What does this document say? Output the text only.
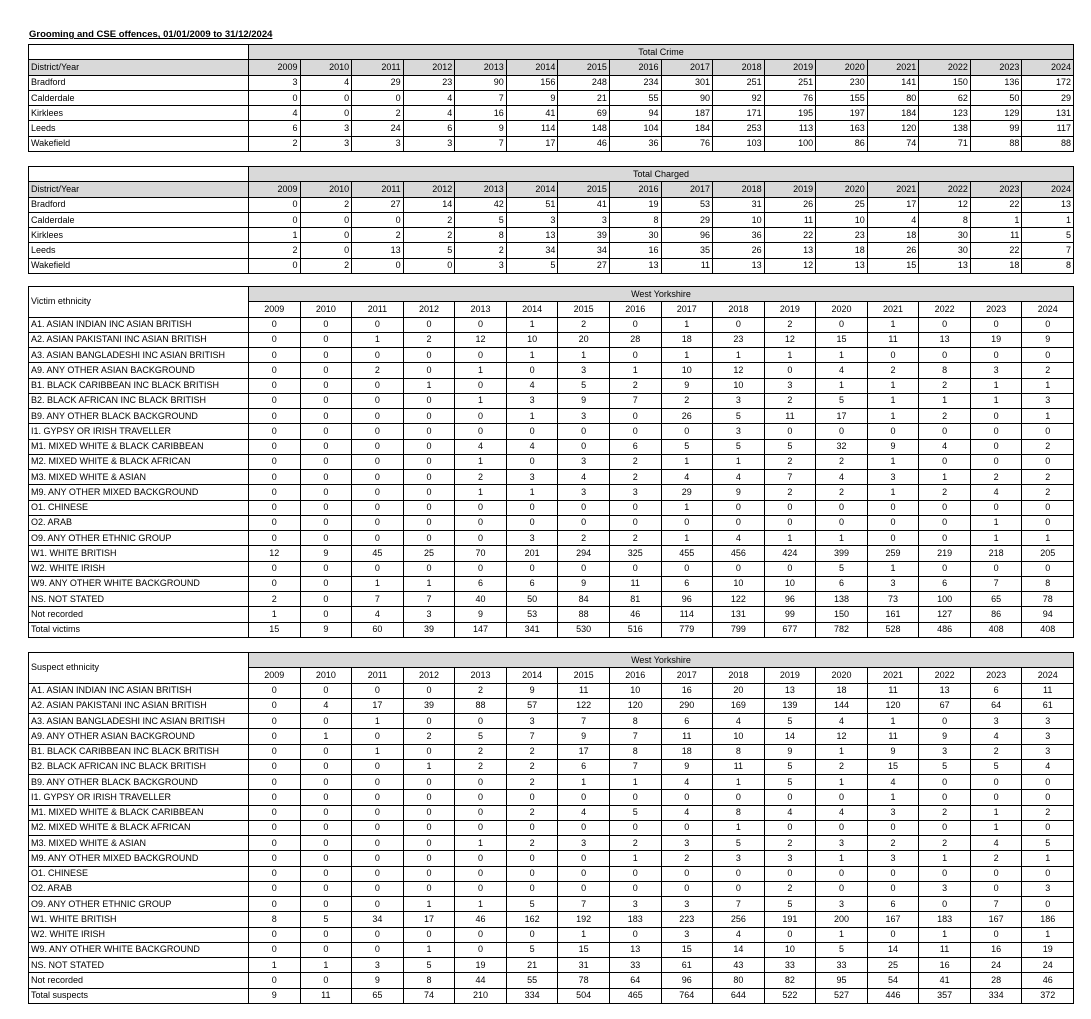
Grooming and CSE offences, 01/01/2009 to 31/12/2024
	Total Crime															
District/Year	2009	2010	2011	2012	2013	2014	2015	2016	2017	2018	2019	2020	2021	2022	2023	2024
Bradford	3	4	29	23	90	156	248	234	301	251	251	230	141	150	136	172
Calderdale	0	0	0	4	7	9	21	55	90	92	76	155	80	62	50	29
Kirklees	4	0	2	4	16	41	69	94	187	171	195	197	184	123	129	131
Leeds	6	3	24	6	9	114	148	104	184	253	113	163	120	138	99	117
Wakefield	2	3	3	3	7	17	46	36	76	103	100	86	74	71	88	88
	Total Charged															
District/Year	2009	2010	2011	2012	2013	2014	2015	2016	2017	2018	2019	2020	2021	2022	2023	2024
Bradford	0	2	27	14	42	51	41	19	53	31	26	25	17	12	22	13
Calderdale	0	0	0	2	5	3	3	8	29	10	11	10	4	8	1	1
Kirklees	1	0	2	2	8	13	39	30	96	36	22	23	18	30	11	5
Leeds	2	0	13	5	2	34	34	16	35	26	13	18	26	30	22	7
Wakefield	0	2	0	0	3	5	27	13	11	13	12	13	15	13	18	8
Victim ethnicity	West Yorkshire															
	2009	2010	2011	2012	2013	2014	2015	2016	2017	2018	2019	2020	2021	2022	2023	2024
A1. ASIAN INDIAN INC ASIAN BRITISH	0	0	0	0	0	1	2	0	1	0	2	0	1	0	0	0
A2. ASIAN PAKISTANI INC ASIAN BRITISH	0	0	1	2	12	10	20	28	18	23	12	15	11	13	19	9
A3. ASIAN BANGLADESHI INC ASIAN BRITISH	0	0	0	0	0	1	1	0	1	1	1	1	0	0	0	0
A9. ANY OTHER ASIAN BACKGROUND	0	0	2	0	1	0	3	1	10	12	0	4	2	8	3	2
B1. BLACK CARIBBEAN INC BLACK BRITISH	0	0	0	1	0	4	5	2	9	10	3	1	1	2	1	1
B2. BLACK AFRICAN INC BLACK BRITISH	0	0	0	0	1	3	9	7	2	3	2	5	1	1	1	3
B9. ANY OTHER BLACK BACKGROUND	0	0	0	0	0	1	3	0	26	5	11	17	1	2	0	1
I1. GYPSY OR IRISH TRAVELLER	0	0	0	0	0	0	0	0	0	3	0	0	0	0	0	0
M1. MIXED WHITE & BLACK CARIBBEAN	0	0	0	0	4	4	0	6	5	5	5	32	9	4	0	2
M2. MIXED WHITE & BLACK AFRICAN	0	0	0	0	1	0	3	2	1	1	2	2	1	0	0	0
M3. MIXED WHITE & ASIAN	0	0	0	0	2	3	4	2	4	4	7	4	3	1	2	2
M9. ANY OTHER MIXED BACKGROUND	0	0	0	0	1	1	3	3	29	9	2	2	1	2	4	2
O1. CHINESE	0	0	0	0	0	0	0	0	1	0	0	0	0	0	0	0
O2. ARAB	0	0	0	0	0	0	0	0	0	0	0	0	0	0	1	0
O9. ANY OTHER ETHNIC GROUP	0	0	0	0	0	3	2	2	1	4	1	1	0	0	1	1
W1. WHITE BRITISH	12	9	45	25	70	201	294	325	455	456	424	399	259	219	218	205
W2. WHITE IRISH	0	0	0	0	0	0	0	0	0	0	0	5	1	0	0	0
W9. ANY OTHER WHITE BACKGROUND	0	0	1	1	6	6	9	11	6	10	10	6	3	6	7	8
NS. NOT STATED	2	0	7	7	40	50	84	81	96	122	96	138	73	100	65	78
Not recorded	1	0	4	3	9	53	88	46	114	131	99	150	161	127	86	94
Total victims	15	9	60	39	147	341	530	516	779	799	677	782	528	486	408	408
Suspect ethnicity	West Yorkshire															
	2009	2010	2011	2012	2013	2014	2015	2016	2017	2018	2019	2020	2021	2022	2023	2024
A1. ASIAN INDIAN INC ASIAN BRITISH	0	0	0	0	2	9	11	10	16	20	13	18	11	13	6	11
A2. ASIAN PAKISTANI INC ASIAN BRITISH	0	4	17	39	88	57	122	120	290	169	139	144	120	67	64	61
A3. ASIAN BANGLADESHI INC ASIAN BRITISH	0	0	1	0	0	3	7	8	6	4	5	4	1	0	3	3
A9. ANY OTHER ASIAN BACKGROUND	0	1	0	2	5	7	9	7	11	10	14	12	11	9	4	3
B1. BLACK CARIBBEAN INC BLACK BRITISH	0	0	1	0	2	2	17	8	18	8	9	1	9	3	2	3
B2. BLACK AFRICAN INC BLACK BRITISH	0	0	0	1	2	2	6	7	9	11	5	2	15	5	5	4
B9. ANY OTHER BLACK BACKGROUND	0	0	0	0	0	2	1	1	4	1	5	1	4	0	0	0
I1. GYPSY OR IRISH TRAVELLER	0	0	0	0	0	0	0	0	0	0	0	0	1	0	0	0
M1. MIXED WHITE & BLACK CARIBBEAN	0	0	0	0	0	2	4	5	4	8	4	4	3	2	1	2
M2. MIXED WHITE & BLACK AFRICAN	0	0	0	0	0	0	0	0	0	1	0	0	0	0	1	0
M3. MIXED WHITE & ASIAN	0	0	0	0	1	2	3	2	3	5	2	3	2	2	4	5
M9. ANY OTHER MIXED BACKGROUND	0	0	0	0	0	0	0	1	2	3	3	1	3	1	2	1
O1. CHINESE	0	0	0	0	0	0	0	0	0	0	0	0	0	0	0	0
O2. ARAB	0	0	0	0	0	0	0	0	0	0	2	0	0	3	0	3
O9. ANY OTHER ETHNIC GROUP	0	0	0	1	1	5	7	3	3	7	5	3	6	0	7	0
W1. WHITE BRITISH	8	5	34	17	46	162	192	183	223	256	191	200	167	183	167	186
W2. WHITE IRISH	0	0	0	0	0	0	1	0	3	4	0	1	0	1	0	1
W9. ANY OTHER WHITE BACKGROUND	0	0	0	1	0	5	15	13	15	14	10	5	14	11	16	19
NS. NOT STATED	1	1	3	5	19	21	31	33	61	43	33	33	25	16	24	24
Not recorded	0	0	9	8	44	55	78	64	96	80	82	95	54	41	28	46
Total suspects	9	11	65	74	210	334	504	465	764	644	522	527	446	357	334	372
